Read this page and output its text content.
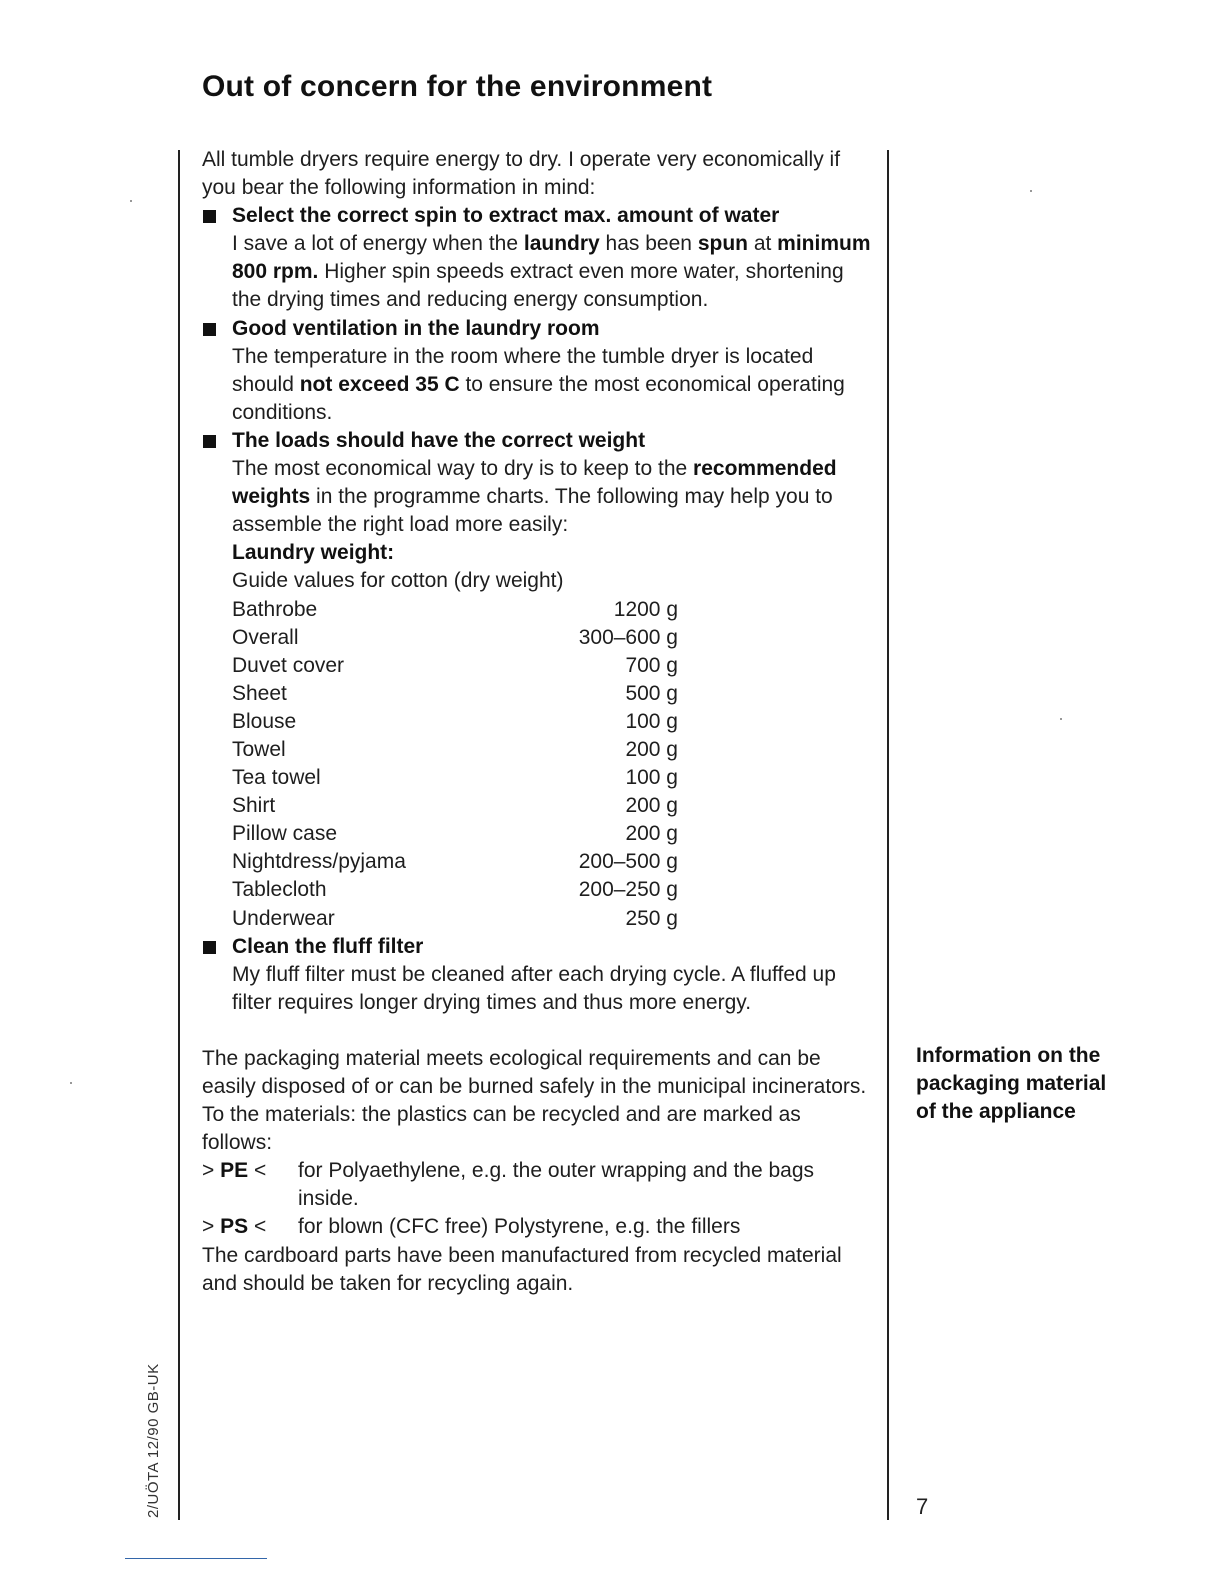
Out of concern for the environment

All tumble dryers require energy to dry. I operate very economically if you bear the following information in mind:

Select the correct spin to extract max. amount of water

I save a lot of energy when the laundry has been spun at minimum 800 rpm. Higher spin speeds extract even more water, shortening the drying times and reducing energy consumption.

Good ventilation in the laundry room

The temperature in the room where the tumble dryer is located should not exceed 35 C to ensure the most economical operating conditions.

The loads should have the correct weight

The most economical way to dry is to keep to the recommended weights in the programme charts. The following may help you to assemble the right load more easily:

Laundry weight:
Guide values for cotton (dry weight)
Bathrobe	1200 g
Overall	300–600 g
Duvet cover	700 g
Sheet	500 g
Blouse	100 g
Towel	200 g
Tea towel	100 g
Shirt	200 g
Pillow case	200 g
Nightdress/pyjama	200–500 g
Tablecloth	200–250 g
Underwear	250 g
Clean the fluff filter

My fluff filter must be cleaned after each drying cycle. A fluffed up filter requires longer drying times and thus more energy.

The packaging material meets ecological requirements and can be easily disposed of or can be burned safely in the municipal incinerators.

To the materials: the plastics can be recycled and are marked as follows:

> PE <	for Polyaethylene, e.g. the outer wrapping and the bags inside.
> PS <	for blown (CFC free) Polystyrene, e.g. the fillers

The cardboard parts have been manufactured from recycled material and should be taken for recycling again.

Information on the packaging material of the appliance
7
2/UÖTA 12/90 GB-UK
